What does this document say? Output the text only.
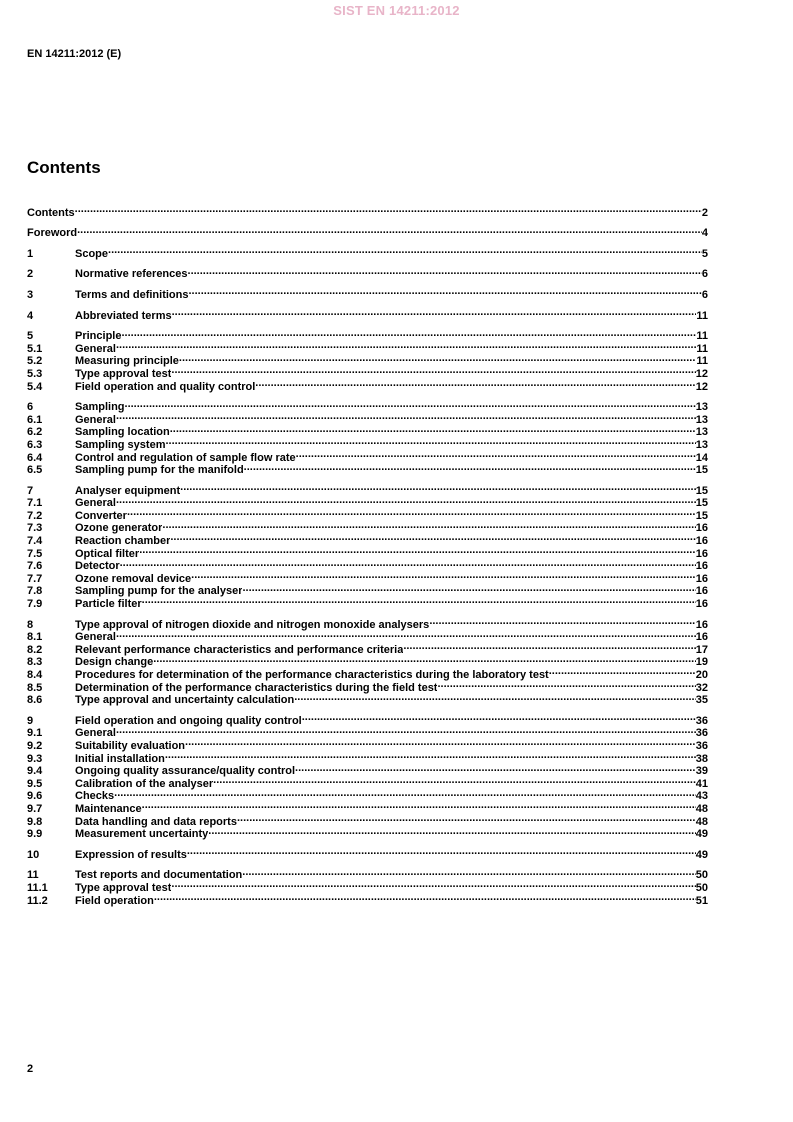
SIST EN 14211:2012
EN 14211:2012 (E)
Contents
Contents .....	2
Foreword .....	4
1	Scope .....	5
2	Normative references .....	6
3	Terms and definitions .....	6
4	Abbreviated terms .....	11
5	Principle .....	11
5.1	General .....	11
5.2	Measuring principle .....	11
5.3	Type approval test .....	12
5.4	Field operation and quality control .....	12
6	Sampling .....	13
6.1	General .....	13
6.2	Sampling location .....	13
6.3	Sampling system .....	13
6.4	Control and regulation of sample flow rate .....	14
6.5	Sampling pump for the manifold .....	15
7	Analyser equipment .....	15
7.1	General .....	15
7.2	Converter .....	15
7.3	Ozone generator .....	16
7.4	Reaction chamber .....	16
7.5	Optical filter .....	16
7.6	Detector .....	16
7.7	Ozone removal device .....	16
7.8	Sampling pump for the analyser .....	16
7.9	Particle filter .....	16
8	Type approval of nitrogen dioxide and nitrogen monoxide analysers .....	16
8.1	General .....	16
8.2	Relevant performance characteristics and performance criteria .....	17
8.3	Design change .....	19
8.4	Procedures for determination of the performance characteristics during the laboratory test .....	20
8.5	Determination of the performance characteristics during the field test .....	32
8.6	Type approval and uncertainty calculation .....	35
9	Field operation and ongoing quality control .....	36
9.1	General .....	36
9.2	Suitability evaluation .....	36
9.3	Initial installation .....	38
9.4	Ongoing quality assurance/quality control .....	39
9.5	Calibration of the analyser .....	41
9.6	Checks .....	43
9.7	Maintenance .....	48
9.8	Data handling and data reports .....	48
9.9	Measurement uncertainty .....	49
10	Expression of results .....	49
11	Test reports and documentation .....	50
11.1	Type approval test .....	50
11.2	Field operation .....	51
2
